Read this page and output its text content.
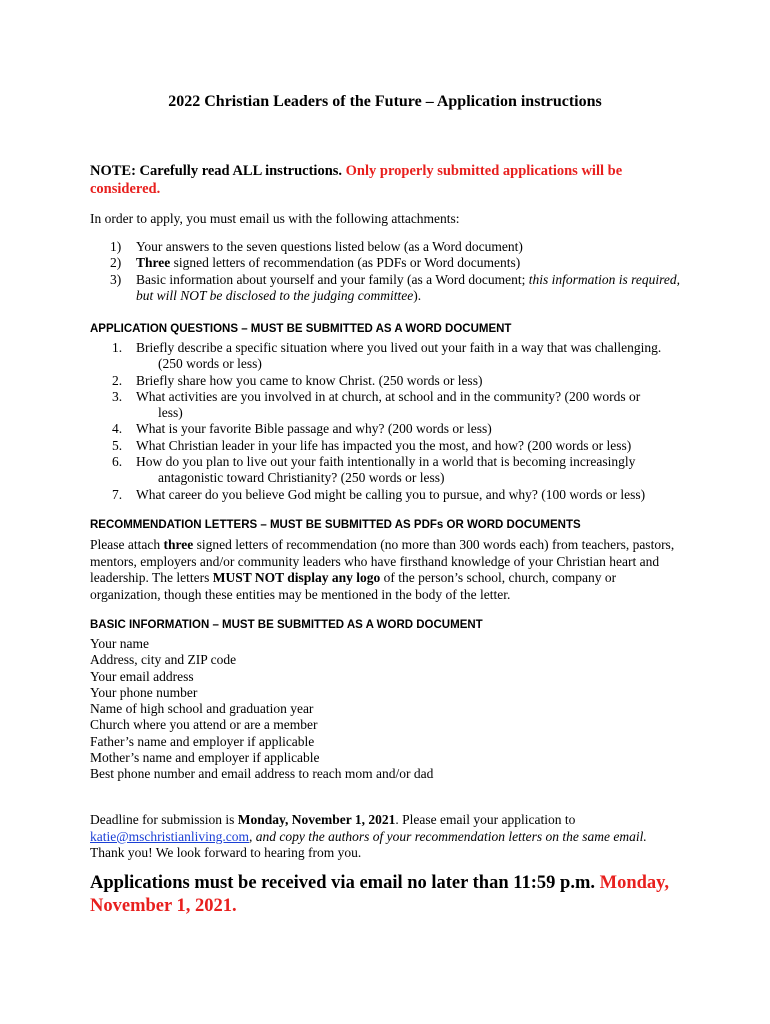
2022 Christian Leaders of the Future – Application instructions
NOTE: Carefully read ALL instructions. Only properly submitted applications will be considered.
In order to apply, you must email us with the following attachments:
1) Your answers to the seven questions listed below (as a Word document)
2) Three signed letters of recommendation (as PDFs or Word documents)
3) Basic information about yourself and your family (as a Word document; this information is required, but will NOT be disclosed to the judging committee).
APPLICATION QUESTIONS – MUST BE SUBMITTED AS A WORD DOCUMENT
1. Briefly describe a specific situation where you lived out your faith in a way that was challenging.
(250 words or less)
2. Briefly share how you came to know Christ. (250 words or less)
3. What activities are you involved in at church, at school and in the community? (200 words or
less)
4. What is your favorite Bible passage and why? (200 words or less)
5. What Christian leader in your life has impacted you the most, and how? (200 words or less)
6. How do you plan to live out your faith intentionally in a world that is becoming increasingly
antagonistic toward Christianity? (250 words or less)
7. What career do you believe God might be calling you to pursue, and why? (100 words or less)
RECOMMENDATION LETTERS – MUST BE SUBMITTED AS PDFs OR WORD DOCUMENTS
Please attach three signed letters of recommendation (no more than 300 words each) from teachers, pastors, mentors, employers and/or community leaders who have firsthand knowledge of your Christian heart and leadership. The letters MUST NOT display any logo of the person’s school, church, company or organization, though these entities may be mentioned in the body of the letter.
BASIC INFORMATION – MUST BE SUBMITTED AS A WORD DOCUMENT
Your name
Address, city and ZIP code
Your email address
Your phone number
Name of high school and graduation year
Church where you attend or are a member
Father’s name and employer if applicable
Mother’s name and employer if applicable
Best phone number and email address to reach mom and/or dad
Deadline for submission is Monday, November 1, 2021. Please email your application to
katie@mschristianliving.com, and copy the authors of your recommendation letters on the same email.
Thank you! We look forward to hearing from you.
Applications must be received via email no later than 11:59 p.m. Monday, November 1, 2021.
